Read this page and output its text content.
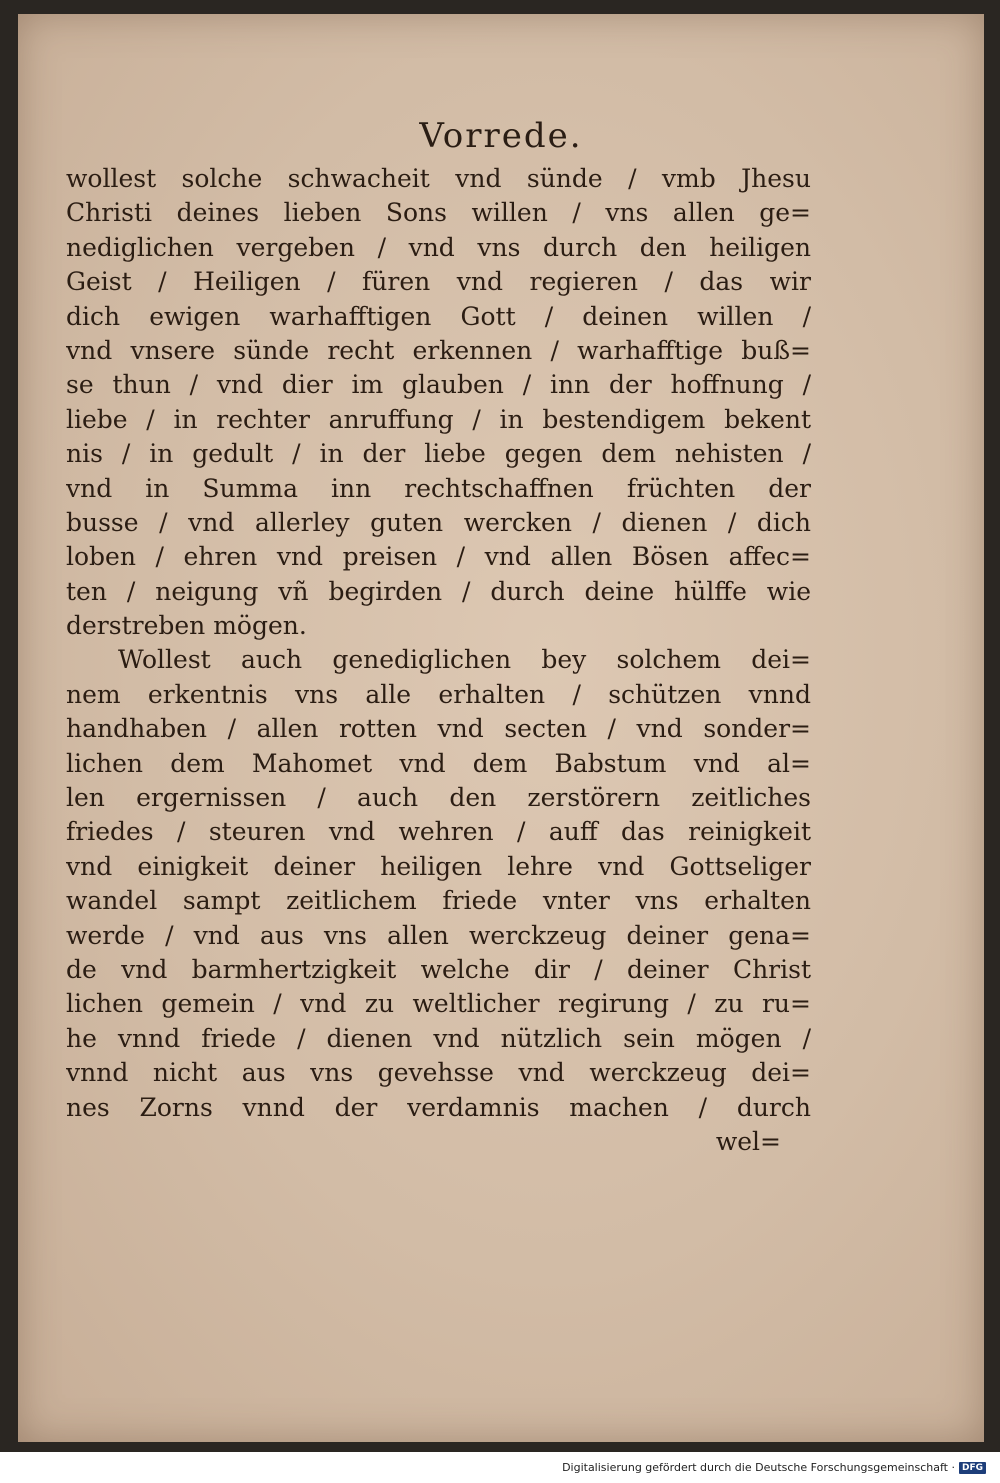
Vorrede.
wollest solche schwacheit vnd sünde / vmb Jhesu
Christi deines lieben Sons willen / vns allen ge=
nediglichen vergeben / vnd vns durch den heiligen
Geist / Heiligen / füren vnd regieren / das wir
dich ewigen warhafftigen Gott / deinen willen /
vnd vnsere sünde recht erkennen / warhafftige buß=
se thun / vnd dier im glauben / inn der hoffnung /
liebe / in rechter anruffung / in bestendigem bekent
nis / in gedult / in der liebe gegen dem nehisten /
vnd in Summa inn rechtschaffnen früchten der
busse / vnd allerley guten wercken / dienen / dich
loben / ehren vnd preisen / vnd allen Bösen affec=
ten / neigung vñ begirden / durch deine hülffe wie
derstreben mögen.
Wollest auch genediglichen bey solchem dei=
nem erkentnis vns alle erhalten / schützen vnnd
handhaben / allen rotten vnd secten / vnd sonder=
lichen dem Mahomet vnd dem Babstum vnd al=
len ergernissen / auch den zerstörern zeitliches
friedes / steuren vnd wehren / auff das reinigkeit
vnd einigkeit deiner heiligen lehre vnd Gottseliger
wandel sampt zeitlichem friede vnter vns erhalten
werde / vnd aus vns allen werckzeug deiner gena=
de vnd barmhertzigkeit welche dir / deiner Christ
lichen gemein / vnd zu weltlicher regirung / zu ru=
he vnnd friede / dienen vnd nützlich sein mögen /
vnnd nicht aus vns gevehsse vnd werckzeug dei=
nes Zorns vnnd der verdamnis machen / durch
wel=
Digitalisierung gefördert durch die Deutsche Forschungsgemeinschaft · DFG
